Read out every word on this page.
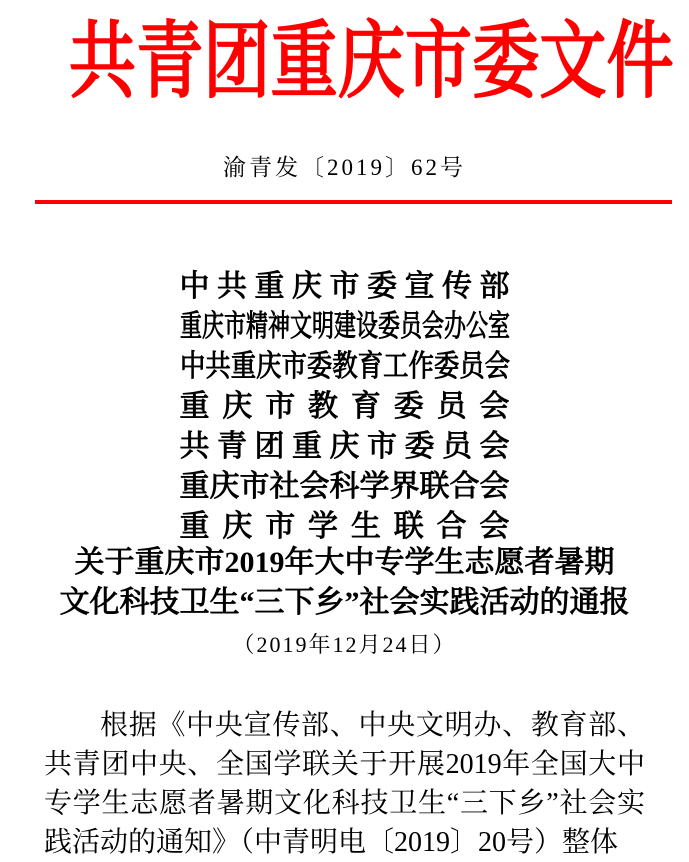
共青团重庆市委文件
渝青发〔2019〕62号
中 共 重 庆 市 委 宣 传 部
重 庆 市 精 神 文 明 建 设 委 员 会 办 公 室
中 共 重 庆 市 委 教 育 工 作 委 员 会
重 庆 市 教 育 委 员 会
共 青 团 重 庆 市 委 员 会
重 庆 市 社 会 科 学 界 联 合 会
重 庆 市 学 生 联 合 会
关于重庆市2019年大中专学生志愿者暑期
文化科技卫生“三下乡”社会实践活动的通报
（2019年12月24日）

根据《中央宣传部、中央文明办、教育部、共青团中央、全国学联关于开展2019年全国大中专学生志愿者暑期文化科技卫生“三下乡”社会实践活动的通知》（中青明电〔2019〕20号）整体
